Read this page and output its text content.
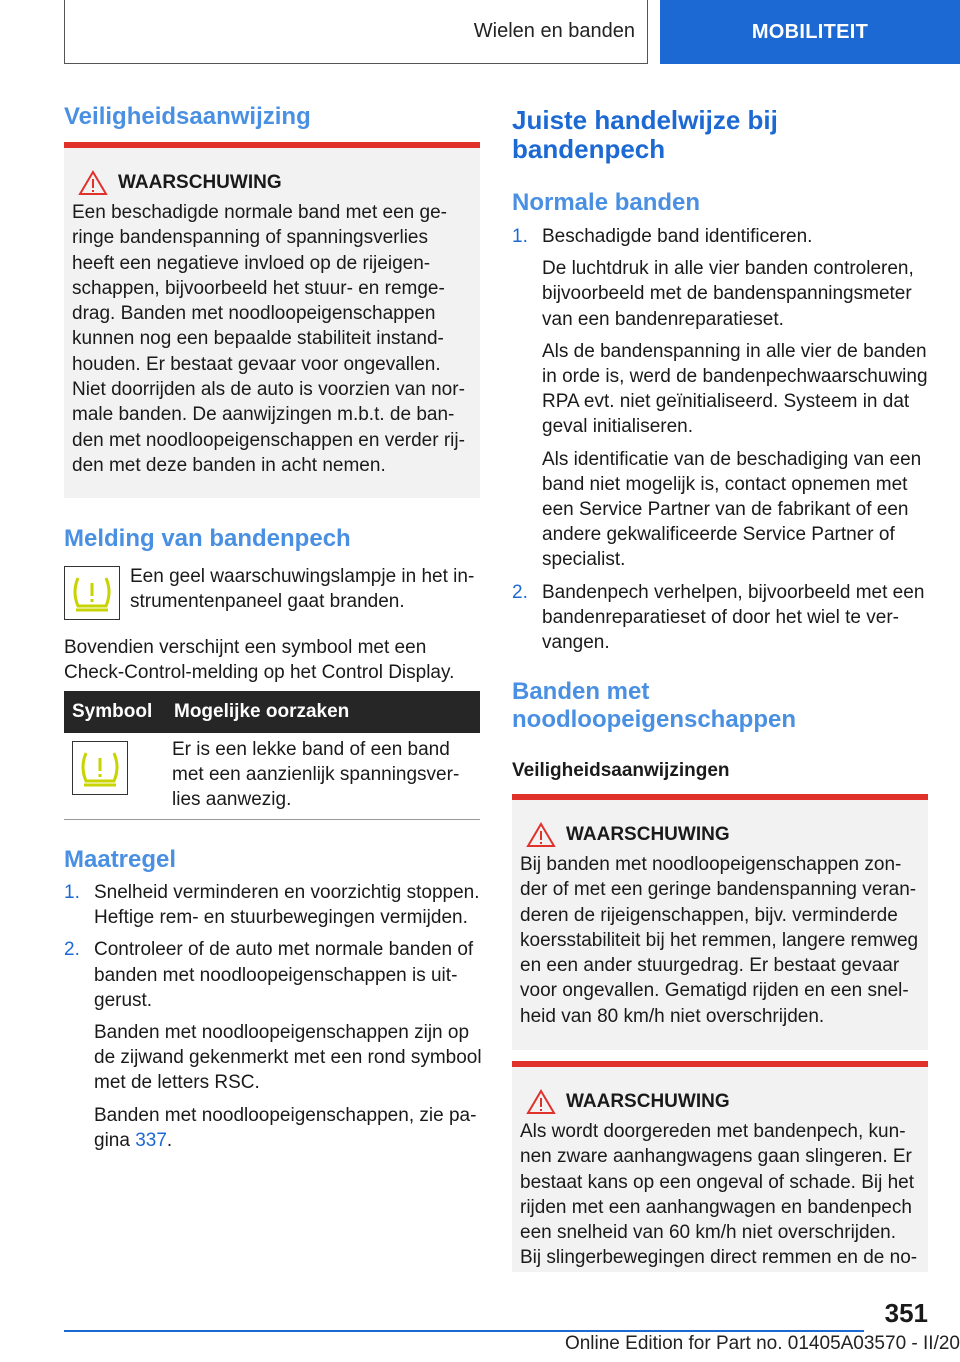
Wielen en banden	MOBILITEIT
Veiligheidsaanwijzing
WAARSCHUWING
Een beschadigde normale band met een geringe bandenspanning of spanningsverlies heeft een negatieve invloed op de rijeigenschappen, bijvoorbeeld het stuur- en remgedrag. Banden met noodloopeigenschappen kunnen nog een bepaalde stabiliteit instandhouden. Er bestaat gevaar voor ongevallen. Niet doorrijden als de auto is voorzien van normale banden. De aanwijzingen m.b.t. de banden met noodloopeigenschappen en verder rijden met deze banden in acht nemen.
Melding van bandenpech
Een geel waarschuwingslampje in het instrumentenpaneel gaat branden.
Bovendien verschijnt een symbool met een Check-Control-melding op het Control Display.
Symbool	Mogelijke oorzaken
Er is een lekke band of een band met een aanzienlijk spanningsverlies aanwezig.
Maatregel
1. Snelheid verminderen en voorzichtig stoppen. Heftige rem- en stuurbewegingen vermijden.
2. Controleer of de auto met normale banden of banden met noodloopeigenschappen is uitgerust.
Banden met noodloopeigenschappen zijn op de zijwand gekenmerkt met een rond symbool met de letters RSC.
Banden met noodloopeigenschappen, zie pagina 337.
Juiste handelwijze bij bandenpech
Normale banden
1. Beschadigde band identificeren.
De luchtdruk in alle vier banden controleren, bijvoorbeeld met de bandenspanningsmeter van een bandenreparatieset.
Als de bandenspanning in alle vier de banden in orde is, werd de bandenpechwaarschuwing RPA evt. niet geïnitialiseerd. Systeem in dat geval initialiseren.
Als identificatie van de beschadiging van een band niet mogelijk is, contact opnemen met een Service Partner van de fabrikant of een andere gekwalificeerde Service Partner of specialist.
2. Bandenpech verhelpen, bijvoorbeeld met een bandenreparatieset of door het wiel te vervangen.
Banden met noodloopeigenschappen
Veiligheidsaanwijzingen
WAARSCHUWING
Bij banden met noodloopeigenschappen zonder of met een geringe bandenspanning veranderen de rijeigenschappen, bijv. verminderde koersstabiliteit bij het remmen, langere remweg en een ander stuurgedrag. Er bestaat gevaar voor ongevallen. Gematigd rijden en een snelheid van 80 km/h niet overschrijden.
WAARSCHUWING
Als wordt doorgereden met bandenpech, kunnen zware aanhangwagens gaan slingeren. Er bestaat kans op een ongeval of schade. Bij het rijden met een aanhangwagen en bandenpech een snelheid van 60 km/h niet overschrijden. Bij slingerbewegingen direct remmen en de no-
351
Online Edition for Part no. 01405A03570 - II/20
